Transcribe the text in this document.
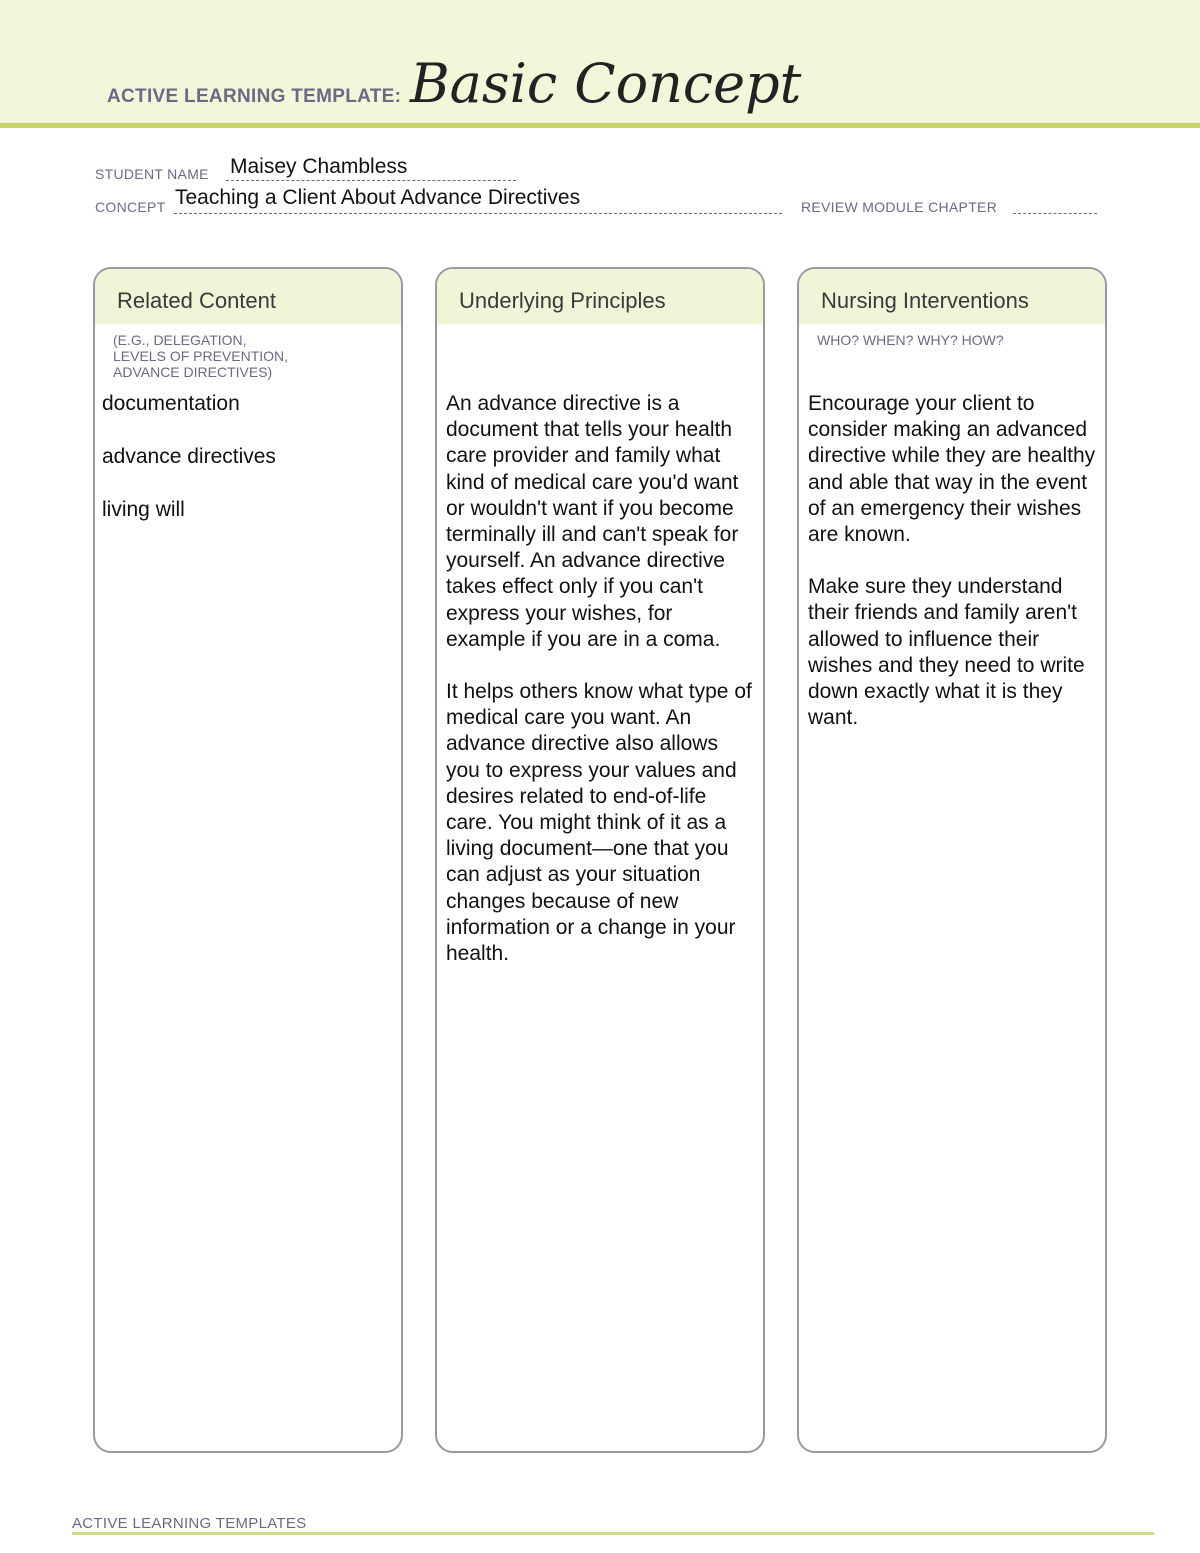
ACTIVE LEARNING TEMPLATE: Basic Concept
STUDENT NAME Maisey Chambless
CONCEPT Teaching a Client About Advance Directives	REVIEW MODULE CHAPTER
Related Content
(E.G., DELEGATION,
LEVELS OF PREVENTION,
ADVANCE DIRECTIVES)
documentation
advance directives
living will
Underlying Principles

An advance directive is a document that tells your health care provider and family what kind of medical care you'd want or wouldn't want if you become terminally ill and can't speak for yourself. An advance directive takes effect only if you can't express your wishes, for example if you are in a coma.

It helps others know what type of medical care you want. An advance directive also allows you to express your values and desires related to end-of-life care. You might think of it as a living document—one that you can adjust as your situation changes because of new information or a change in your health.

Nursing Interventions
WHO? WHEN? WHY? HOW?

Encourage your client to consider making an advanced directive while they are healthy and able that way in the event of an emergency their wishes are known.

Make sure they understand their friends and family aren't allowed to influence their wishes and they need to write down exactly what it is they want.

ACTIVE LEARNING TEMPLATES
